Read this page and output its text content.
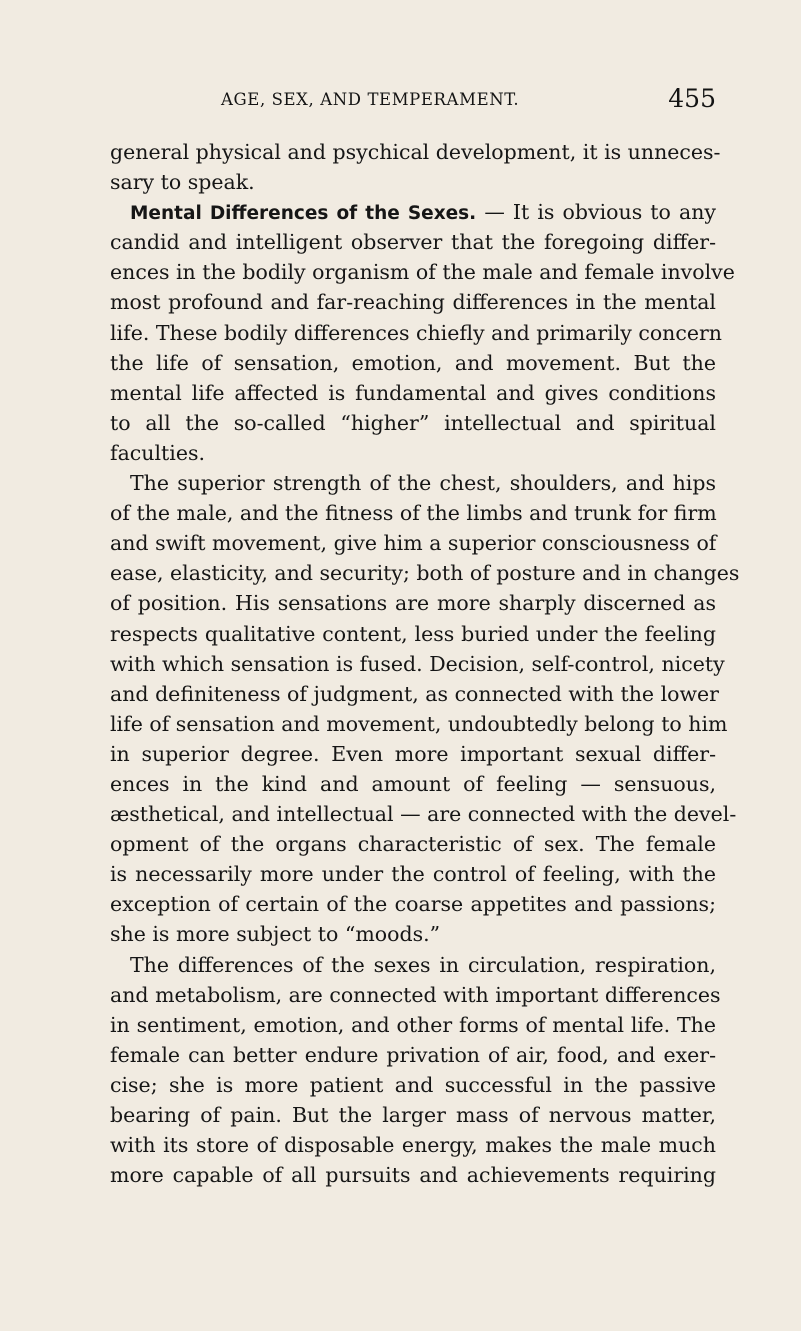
AGE, SEX, AND TEMPERAMENT.	455
general physical and psychical development, it is unneces-
sary to speak.
Mental Differences of the Sexes. — It is obvious to any
candid and intelligent observer that the foregoing differ-
ences in the bodily organism of the male and female involve
most profound and far-reaching differences in the mental
life. These bodily differences chiefly and primarily concern
the life of sensation, emotion, and movement. But the
mental life affected is fundamental and gives conditions
to all the so-called “higher” intellectual and spiritual
faculties.
The superior strength of the chest, shoulders, and hips
of the male, and the fitness of the limbs and trunk for firm
and swift movement, give him a superior consciousness of
ease, elasticity, and security; both of posture and in changes
of position. His sensations are more sharply discerned as
respects qualitative content, less buried under the feeling
with which sensation is fused. Decision, self-control, nicety
and definiteness of judgment, as connected with the lower
life of sensation and movement, undoubtedly belong to him
in superior degree. Even more important sexual differ-
ences in the kind and amount of feeling — sensuous,
æsthetical, and intellectual — are connected with the devel-
opment of the organs characteristic of sex. The female
is necessarily more under the control of feeling, with the
exception of certain of the coarse appetites and passions;
she is more subject to “moods.”
The differences of the sexes in circulation, respiration,
and metabolism, are connected with important differences
in sentiment, emotion, and other forms of mental life. The
female can better endure privation of air, food, and exer-
cise; she is more patient and successful in the passive
bearing of pain. But the larger mass of nervous matter,
with its store of disposable energy, makes the male much
more capable of all pursuits and achievements requiring
